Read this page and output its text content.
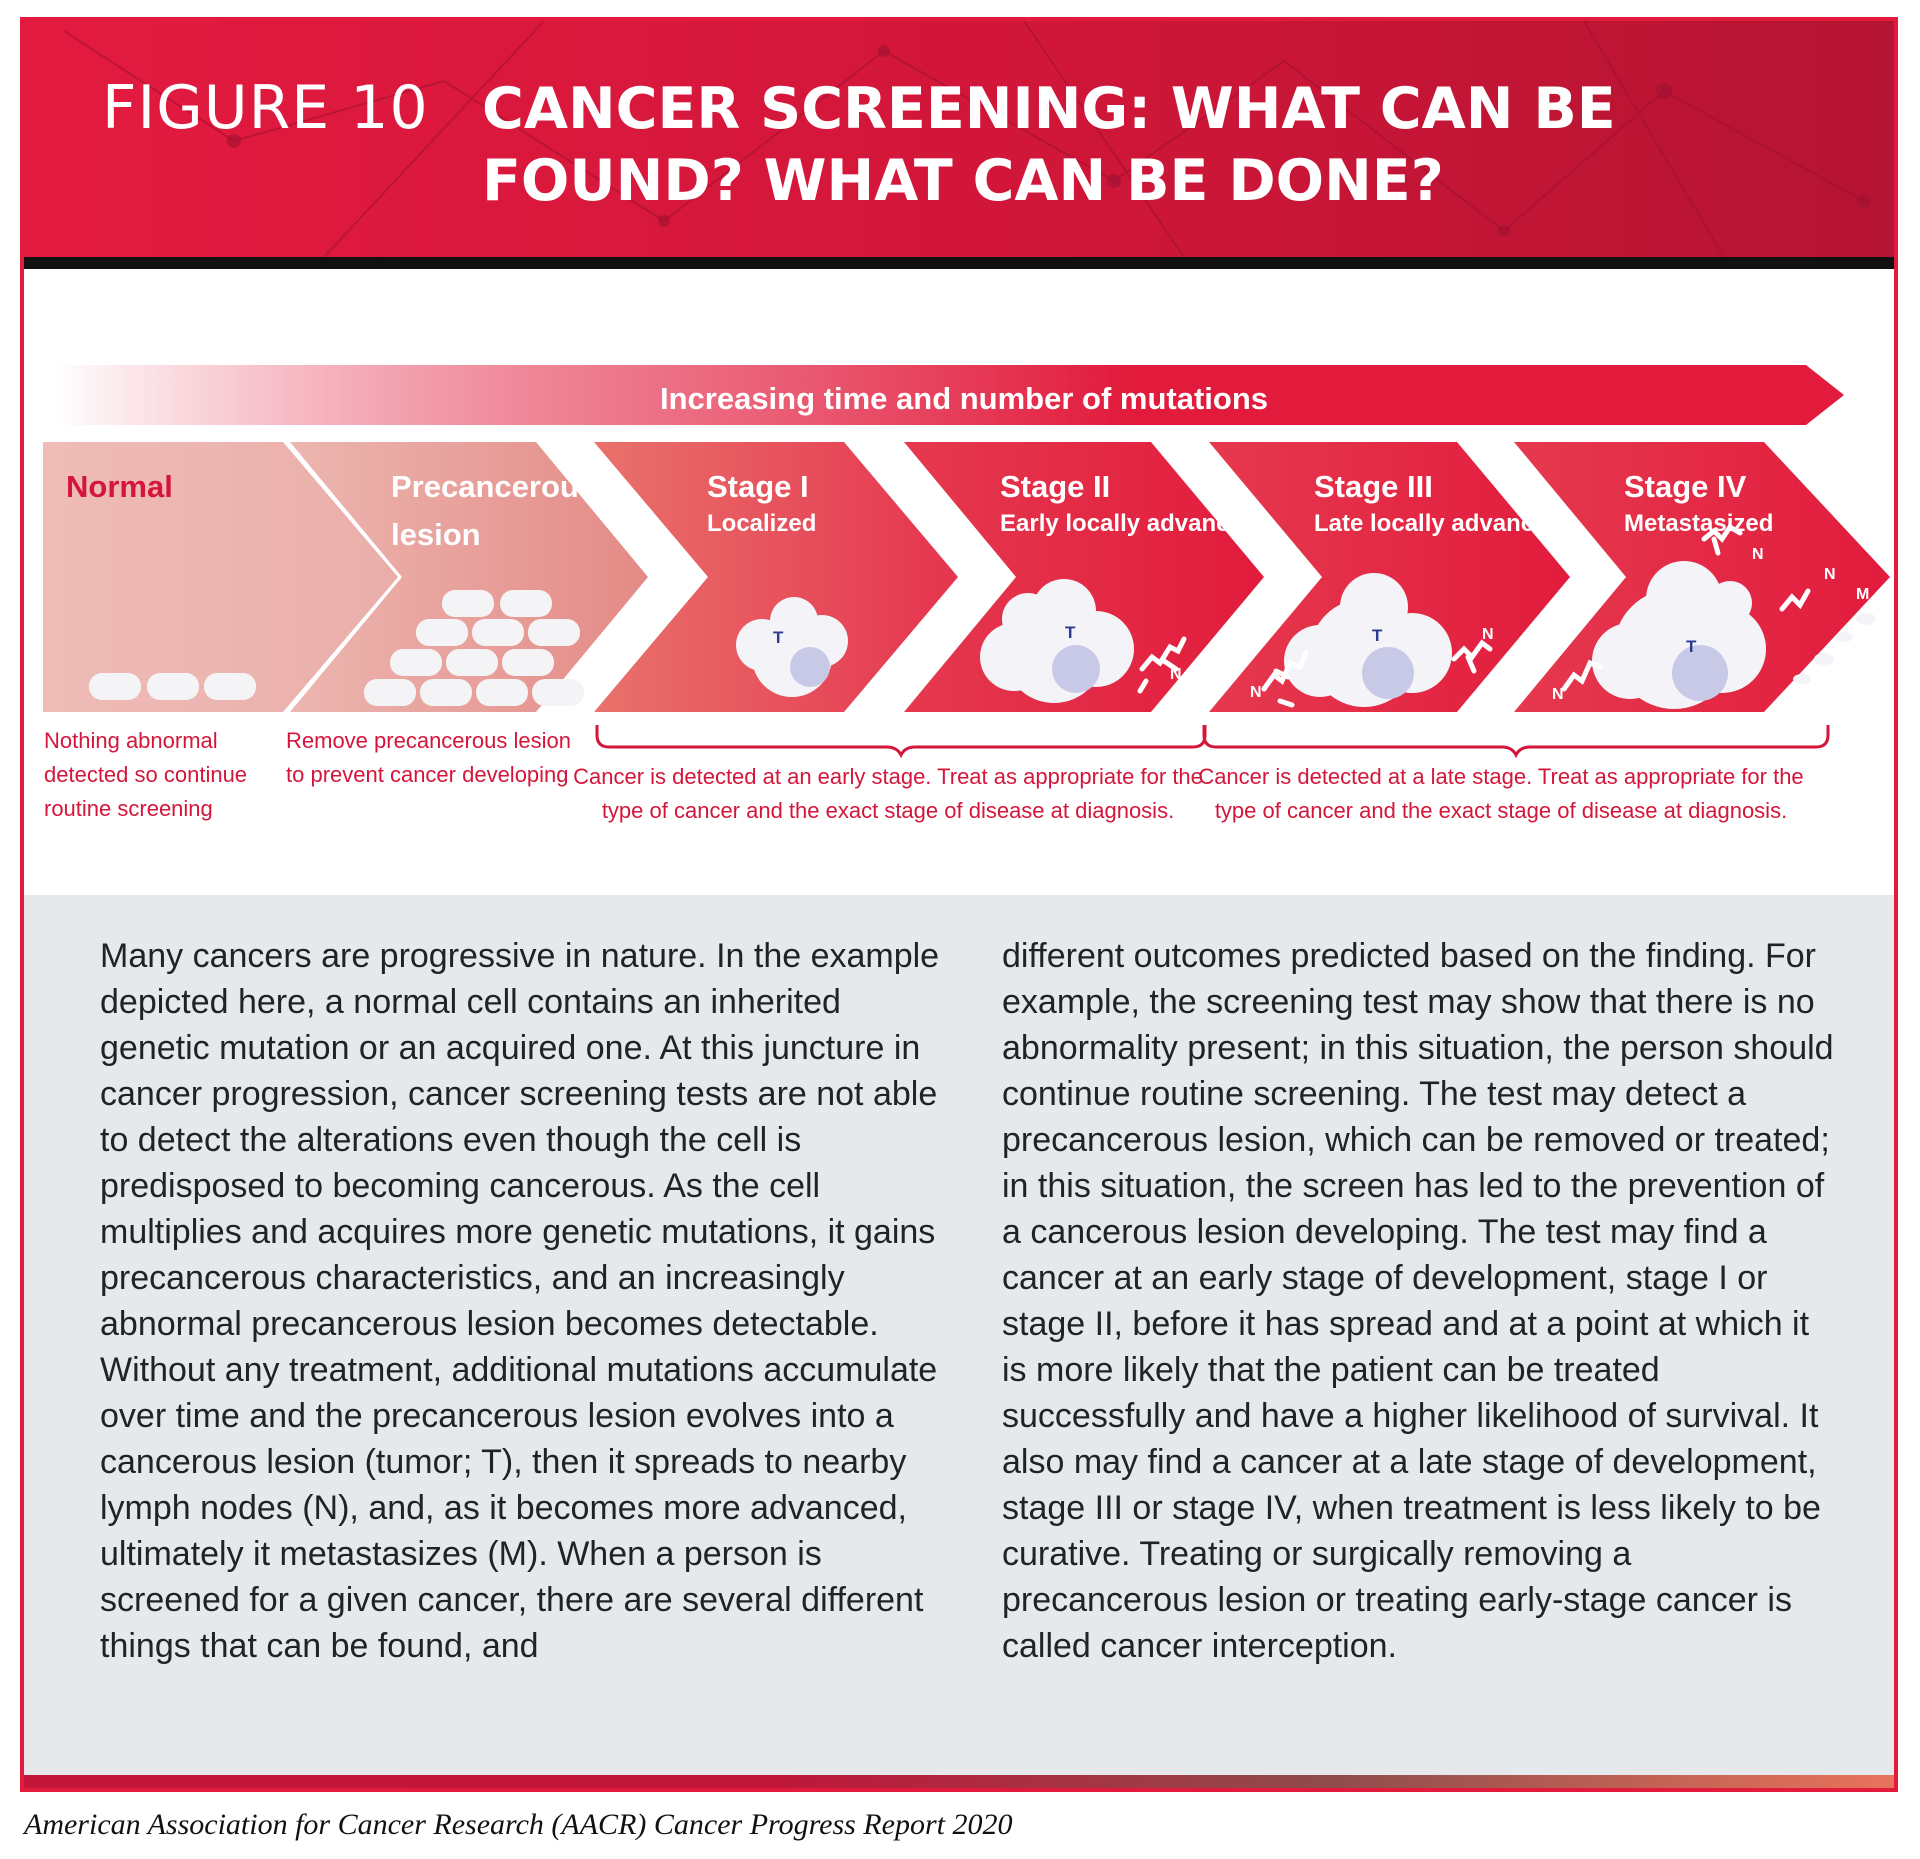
FIGURE 10 CANCER SCREENING: WHAT CAN BE FOUND? WHAT CAN BE DONE?
Increasing time and number of mutations
Normal	Precancerous
lesion
Stage I
Localized
T
Stage II
Early locally advanced
T
N
Stage III
Late locally advanced
T
N
N
Stage IV
Metastasized
T
N
N
N
M
Nothing abnormal
detected so continue
routine screening
Remove precancerous lesion
to prevent cancer developing Cancer is detected at an early stage. Treat as appropriate for the
type of cancer and the exact stage of disease at diagnosis.
Cancer is detected at a late stage. Treat as appropriate for the
type of cancer and the exact stage of disease at diagnosis.
Many cancers are progressive in nature. In the example depicted here, a normal cell contains an inherited genetic mutation or an acquired one. At this juncture in cancer progression, cancer screening tests are not able to detect the alterations even though the cell is predisposed to becoming cancerous. As the cell multiplies and acquires more genetic mutations, it gains precancerous characteristics, and an increasingly abnormal precancerous lesion becomes detectable. Without any treatment, additional mutations accumulate over time and the precancerous lesion evolves into a cancerous lesion (tumor; T), then it spreads to nearby lymph nodes (N), and, as it becomes more advanced, ultimately it metastasizes (M). When a person is screened for a given cancer, there are several different things that can be found, and
different outcomes predicted based on the finding. For example, the screening test may show that there is no abnormality present; in this situation, the person should continue routine screening. The test may detect a precancerous lesion, which can be removed or treated; in this situation, the screen has led to the prevention of a cancerous lesion developing. The test may find a cancer at an early stage of development, stage I or stage II, before it has spread and at a point at which it is more likely that the patient can be treated successfully and have a higher likelihood of survival. It also may find a cancer at a late stage of development, stage III or stage IV, when treatment is less likely to be curative. Treating or surgically removing a precancerous lesion or treating early-stage cancer is called cancer interception.
American Association for Cancer Research (AACR) Cancer Progress Report 2020
